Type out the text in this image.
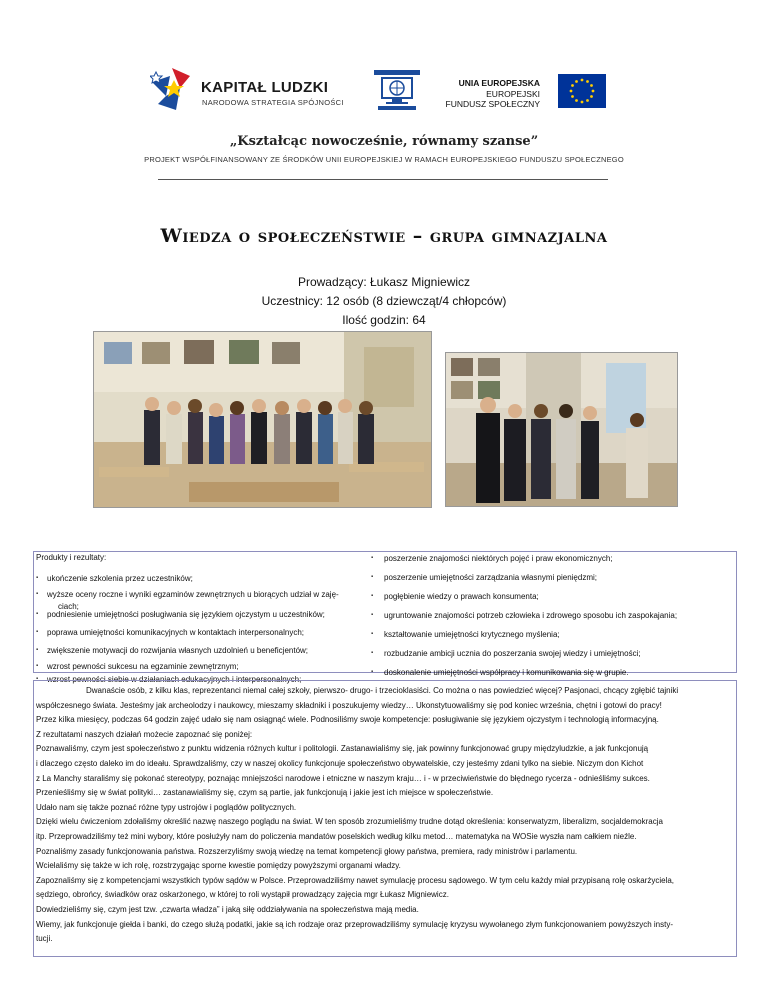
KAPITAŁ LUDZKI
NARODOWA STRATEGIA SPÓJNOŚCI
UNIA EUROPEJSKA
EUROPEJSKI
FUNDUSZ SPOŁECZNY
„Kształcąc nowocześnie, równamy szanse”
PROJEKT WSPÓŁFINANSOWANY ZE ŚRODKÓW UNII EUROPEJSKIEJ W RAMACH EUROPEJSKIEGO FUNDUSZU SPOŁECZNEGO
Wiedza o społeczeństwie – grupa gimnazjalna
Prowadzący: Łukasz Migniewicz
Uczestnicy: 12 osób (8 dziewcząt/4 chłopców)
Ilość godzin: 64
Produkty i rezultaty:
▪ ukończenie szkolenia przez uczestników;
▪ wyższe oceny roczne i wyniki egzaminów zewnętrznych u biorących udział w zaję-
ciach;
▪ podniesienie umiejętności posługiwania się językiem ojczystym u uczestników;
▪ poprawa umiejętności komunikacyjnych w kontaktach interpersonalnych;
▪ zwiększenie motywacji do rozwijania własnych uzdolnień u beneficjentów;
▪ wzrost pewności sukcesu na egzaminie zewnętrznym;
▪ wzrost pewności siebie w działaniach edukacyjnych i interpersonalnych;
▪ poszerzenie znajomości niektórych pojęć i praw ekonomicznych;
▪ poszerzenie umiejętności zarządzania własnymi pieniędzmi;
▪ pogłębienie wiedzy o prawach konsumenta;
▪ ugruntowanie znajomości potrzeb człowieka i zdrowego sposobu ich zaspokajania;
▪ kształtowanie umiejętności krytycznego myślenia;
▪ rozbudzanie ambicji ucznia do poszerzania swojej wiedzy i umiejętności;
▪ doskonalenie umiejętności współpracy i komunikowania się w grupie.
Dwanaście osób, z kilku klas, reprezentanci niemal całej szkoły, pierwszo- drugo- i trzecioklasiści. Co można o nas powiedzieć więcej? Pasjonaci, chcący zgłębić tajniki
współczesnego świata. Jesteśmy jak archeolodzy i naukowcy, mieszamy składniki i poszukujemy wiedzy… Ukonstytuowaliśmy się pod koniec września, chętni i gotowi do pracy!
Przez kilka miesięcy, podczas 64 godzin zajęć udało się nam osiągnąć wiele. Podnosiliśmy swoje kompetencje: posługiwanie się językiem ojczystym i technologią informacyjną.
Z rezultatami naszych działań możecie zapoznać się poniżej:
Poznawaliśmy, czym jest społeczeństwo z punktu widzenia różnych kultur i politologii. Zastanawialiśmy się, jak powinny funkcjonować grupy międzyludzkie, a jak funkcjonują
i dlaczego często daleko im do ideału. Sprawdzaliśmy, czy w naszej okolicy funkcjonuje społeczeństwo obywatelskie, czy jesteśmy zdani tylko na siebie. Niczym don Kichot
z La Manchy staraliśmy się pokonać stereotypy, poznając mniejszości narodowe i etniczne w naszym kraju… i - w przeciwieństwie do błędnego rycerza - odnieśliśmy sukces.
Przenieśliśmy się w świat polityki… zastanawialiśmy się, czym są partie, jak funkcjonują i jakie jest ich miejsce w społeczeństwie.
Udało nam się także poznać różne typy ustrojów i poglądów politycznych.
Dzięki wielu ćwiczeniom zdołaliśmy określić nazwę naszego poglądu na świat. W ten sposób zrozumieliśmy trudne dotąd określenia: konserwatyzm, liberalizm, socjaldemokracja
itp. Przeprowadziliśmy też mini wybory, które posłużyły nam do policzenia mandatów poselskich według kilku metod… matematyka na WOSie wyszła nam całkiem nieźle.
Poznaliśmy zasady funkcjonowania państwa. Rozszerzyliśmy swoją wiedzę na temat kompetencji głowy państwa, premiera, rady ministrów i parlamentu.
Wcielaliśmy się także w ich rolę, rozstrzygając sporne kwestie pomiędzy powyższymi organami władzy.
Zapoznaliśmy się z kompetencjami wszystkich typów sądów w Polsce. Przeprowadziliśmy nawet symulację procesu sądowego. W tym celu każdy miał przypisaną rolę oskarżyciela,
sędziego, obrońcy, świadków oraz oskarżonego, w której to roli wystąpił prowadzący zajęcia mgr Łukasz Migniewicz.
Dowiedzieliśmy się, czym jest tzw. „czwarta władza” i jaką siłę oddziaływania na społeczeństwa mają media.
Wiemy, jak funkcjonuje giełda i banki, do czego służą podatki, jakie są ich rodzaje oraz przeprowadziliśmy symulację kryzysu wywołanego złym funkcjonowaniem powyższych insty-
tucji.
